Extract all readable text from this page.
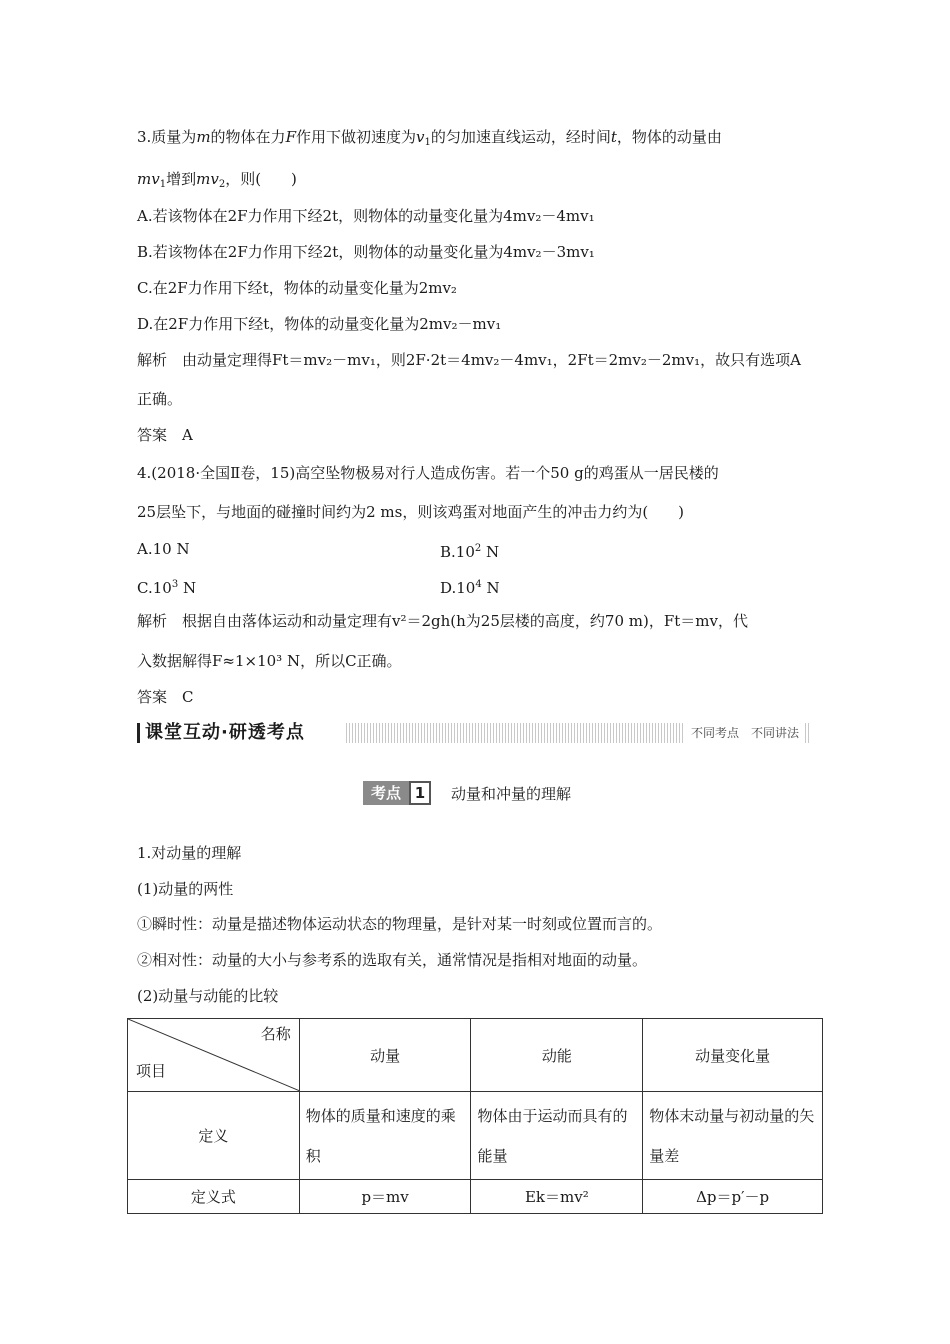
3.质量为m的物体在力F作用下做初速度为$v_1$的匀加速直线运动，经时间t，物体的动量由
$mv_1$增到$mv_2$，则(　　)
A.若该物体在2F力作用下经2t，则物体的动量变化量为4mv₂－4mv₁
B.若该物体在2F力作用下经2t，则物体的动量变化量为4mv₂－3mv₁
C.在2F力作用下经t，物体的动量变化量为2mv₂
D.在2F力作用下经t，物体的动量变化量为2mv₂－mv₁
解析　由动量定理得Ft＝mv₂－mv₁，则2F·2t＝4mv₂－4mv₁，2Ft＝2mv₂－2mv₁，故只有选项A
正确。
答案　A
4.(2018·全国Ⅱ卷，15)高空坠物极易对行人造成伤害。若一个50 g的鸡蛋从一居民楼的
25层坠下，与地面的碰撞时间约为2 ms，则该鸡蛋对地面产生的冲击力约为(　　)
A.10 N	$B.10^2$ N
$C.10^3$ N	$D.10^4$ N
解析　根据自由落体运动和动量定理有v²＝2gh(h为25层楼的高度，约70 m)，Ft＝mv，代
入数据解得F≈1×10³ N，所以C正确。
答案　C
课堂互动·研透考点	不同考点　不同讲法
考点 1	动量和冲量的理解
1.对动量的理解
(1)动量的两性
①瞬时性：动量是描述物体运动状态的物理量，是针对某一时刻或位置而言的。
②相对性：动量的大小与参考系的选取有关，通常情况是指相对地面的动量。
(2)动量与动能的比较
名称
项目	动量	动能	动量变化量
定义	物体的质量和速度的乘积	物体由于运动而具有的能量	物体末动量与初动量的矢量差
定义式	p＝mv	Ek＝mv²	Δp＝p′－p
